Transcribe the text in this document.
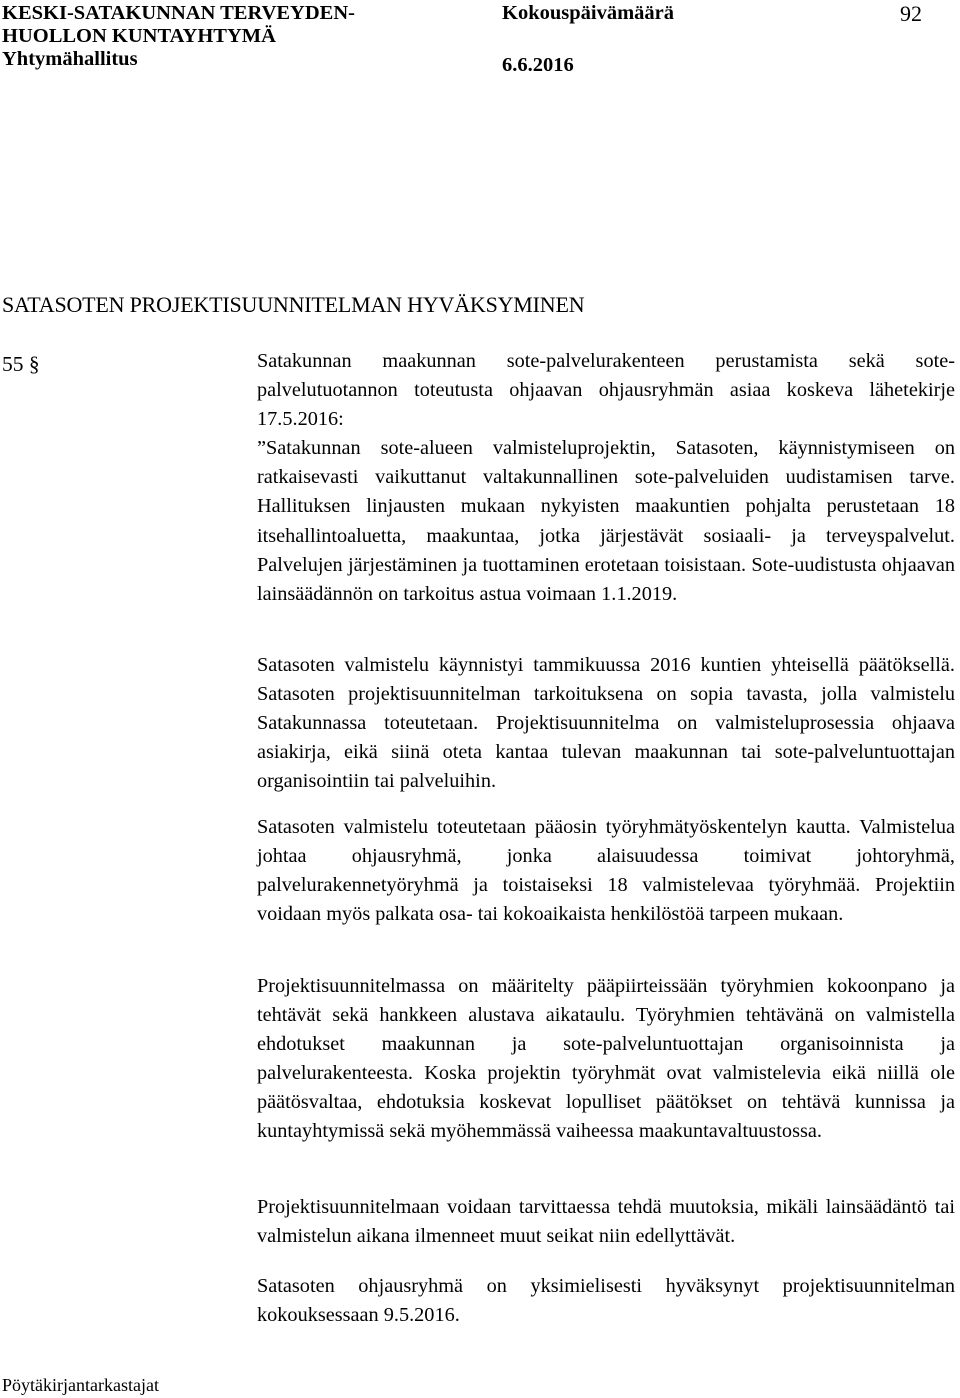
KESKI-SATAKUNNAN TERVEYDEN-
HUOLLON KUNTAYHTYMÄ
Yhtymähallitus
Kokouspäivämäärä
6.6.2016
92
SATASOTEN PROJEKTISUUNNITELMAN HYVÄKSYMINEN
55 §	Satakunnan maakunnan sote-palvelurakenteen perustamista sekä sote-palvelutuotannon toteutusta ohjaavan ohjausryhmän asiaa koskeva lähetekirje 17.5.2016:

”Satakunnan sote-alueen valmisteluprojektin, Satasoten, käynnistymiseen on ratkaisevasti vaikuttanut valtakunnallinen sote-palveluiden uudistamisen tarve. Hallituksen linjausten mukaan nykyisten maakuntien pohjalta perustetaan 18 itsehallintoaluetta, maakuntaa, jotka järjestävät sosiaali- ja terveyspalvelut. Palvelujen järjestäminen ja tuottaminen erotetaan toisistaan. Sote-uudistusta ohjaavan lainsäädännön on tarkoitus astua voimaan 1.1.2019.

Satasoten valmistelu käynnistyi tammikuussa 2016 kuntien yhteisellä päätöksellä. Satasoten projektisuunnitelman tarkoituksena on sopia tavasta, jolla valmistelu Satakunnassa toteutetaan. Projektisuunnitelma on valmisteluprosessia ohjaava asiakirja, eikä siinä oteta kantaa tulevan maakunnan tai sote-palveluntuottajan organisointiin tai palveluihin.

Satasoten valmistelu toteutetaan pääosin työryhmätyöskentelyn kautta. Valmistelua johtaa ohjausryhmä, jonka alaisuudessa toimivat johtoryhmä, palvelurakennetyöryhmä ja toistaiseksi 18 valmistelevaa työryhmää. Projektiin voidaan myös palkata osa- tai kokoaikaista henkilöstöä tarpeen mukaan.

Projektisuunnitelmassa on määritelty pääpiirteissään työryhmien kokoonpano ja tehtävät sekä hankkeen alustava aikataulu. Työryhmien tehtävänä on valmistella ehdotukset maakunnan ja sote-palveluntuottajan organisoinnista ja palvelurakenteesta. Koska projektin työryhmät ovat valmistelevia eikä niillä ole päätösvaltaa, ehdotuksia koskevat lopulliset päätökset on tehtävä kunnissa ja kuntayhtymissä sekä myöhemmässä vaiheessa maakuntavaltuustossa.

Projektisuunnitelmaan voidaan tarvittaessa tehdä muutoksia, mikäli lainsäädäntö tai valmistelun aikana ilmenneet muut seikat niin edellyttävät.

Satasoten ohjausryhmä on yksimielisesti hyväksynyt projektisuunnitelman kokouksessaan 9.5.2016.

Pöytäkirjantarkastajat
